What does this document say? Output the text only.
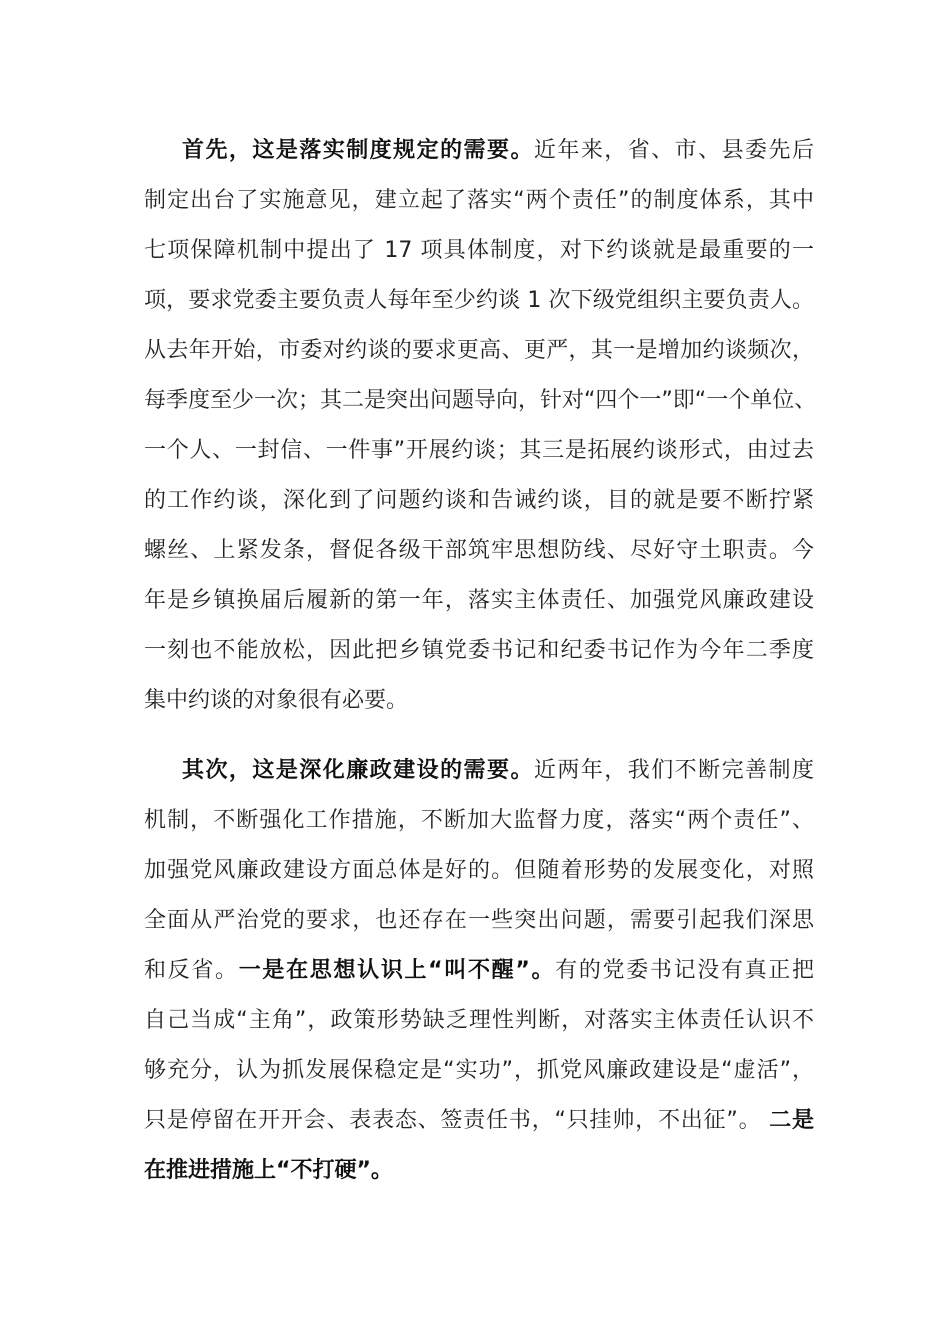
首先，这是落实制度规定的需要。近年来，省、市、县委先后
制定出台了实施意见，建立起了落实“两个责任”的制度体系，其中
七项保障机制中提出了 17 项具体制度，对下约谈就是最重要的一
项，要求党委主要负责人每年至少约谈 1 次下级党组织主要负责人。
从去年开始，市委对约谈的要求更高、更严，其一是增加约谈频次，
每季度至少一次；其二是突出问题导向，针对“四个一”即“一个单位、
一个人、一封信、一件事”开展约谈；其三是拓展约谈形式，由过去
的工作约谈，深化到了问题约谈和告诫约谈，目的就是要不断拧紧
螺丝、上紧发条，督促各级干部筑牢思想防线、尽好守土职责。今
年是乡镇换届后履新的第一年，落实主体责任、加强党风廉政建设
一刻也不能放松，因此把乡镇党委书记和纪委书记作为今年二季度
集中约谈的对象很有必要。
其次，这是深化廉政建设的需要。近两年，我们不断完善制度
机制，不断强化工作措施，不断加大监督力度，落实“两个责任”、
加强党风廉政建设方面总体是好的。但随着形势的发展变化，对照
全面从严治党的要求，也还存在一些突出问题，需要引起我们深思
和反省。一是在思想认识上“叫不醒”。有的党委书记没有真正把
自己当成“主角”，政策形势缺乏理性判断，对落实主体责任认识不
够充分，认为抓发展保稳定是“实功”，抓党风廉政建设是“虚活”，
只是停留在开开会、表表态、签责任书，“只挂帅，不出征”。 二是
在推进措施上“不打硬”。
